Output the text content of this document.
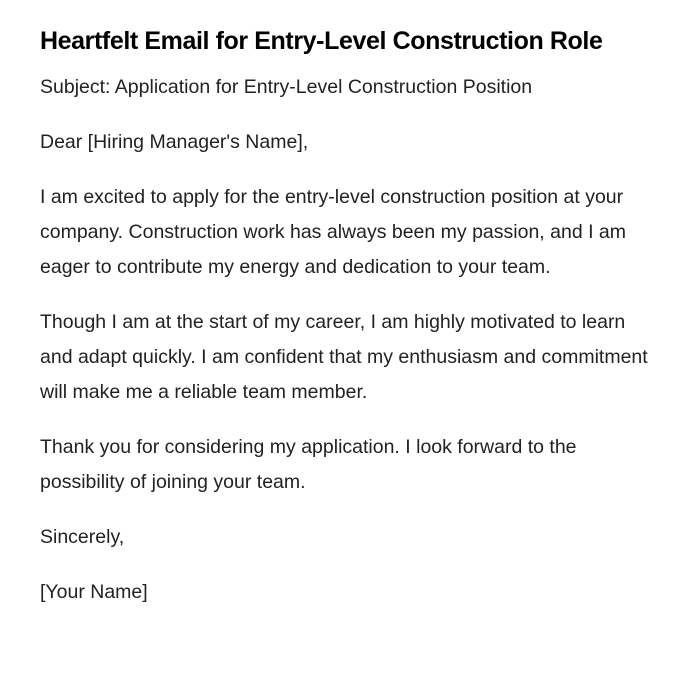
Heartfelt Email for Entry-Level Construction Role

Subject: Application for Entry-Level Construction Position

Dear [Hiring Manager's Name],

I am excited to apply for the entry-level construction position at your company. Construction work has always been my passion, and I am eager to contribute my energy and dedication to your team.

Though I am at the start of my career, I am highly motivated to learn and adapt quickly. I am confident that my enthusiasm and commitment will make me a reliable team member.

Thank you for considering my application. I look forward to the possibility of joining your team.

Sincerely,

[Your Name]
